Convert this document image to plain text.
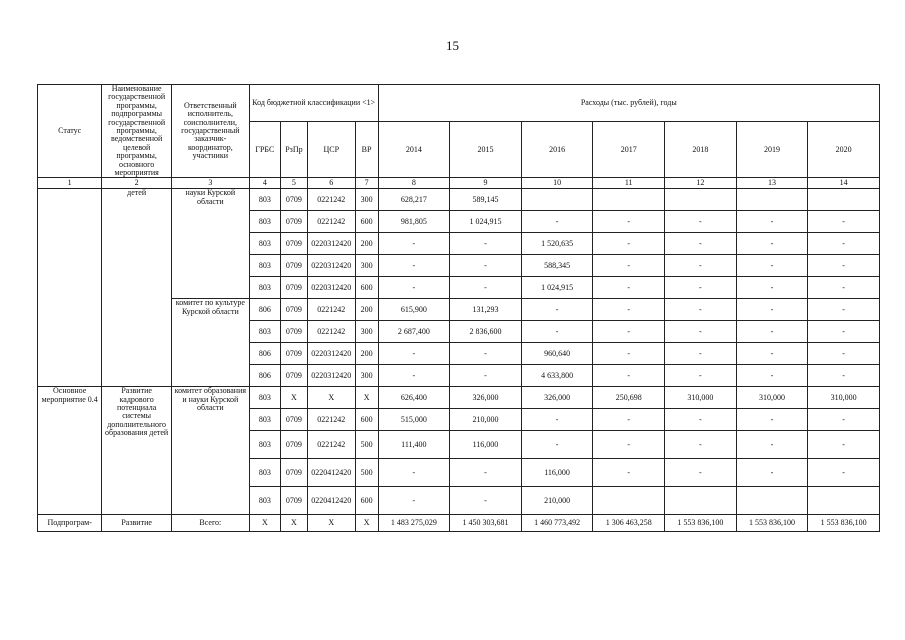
15
Статус	Наименование государственной программы, подпрограммы государственной программы, ведомственной целевой программы, основного мероприятия	Ответственный исполнитель, соисполнители, государственный заказчик-координатор, участники	Код бюджетной классификации <1>				Расходы (тыс. рублей), годы						
			ГРБС	РзПр	ЦСР	ВР	2014	2015	2016	2017	2018	2019	2020
1	2	3	4	5	6	7	8	9	10	11	12	13	14
	детей	науки Курской области	803	0709	0221242	300	628,217	589,145					
			803	0709	0221242	600	981,805	1 024,915	-	-	-	-	-
			803	0709	0220312420	200	-	-	1 520,635	-	-	-	-
			803	0709	0220312420	300	-	-	588,345	-	-	-	-
			803	0709	0220312420	600	-	-	1 024,915	-	-	-	-
		комитет по культуре Курской области	806	0709	0221242	200	615,900	131,293	-	-	-	-	-
			803	0709	0221242	300	2 687,400	2 836,600	-	-	-	-	-
			806	0709	0220312420	200	-	-	960,640	-	-	-	-
			806	0709	0220312420	300	-	-	4 633,800	-	-	-	-
Основное мероприятие 0.4	Развитие кадрового потенциала системы дополнительного образования детей	комитет образования и науки Курской области	803	X	X	X	626,400	326,000	326,000	250,698	310,000	310,000	310,000
			803	0709	0221242	600	515,000	210,000	-	-	-	-	-
			803	0709	0221242	500	111,400	116,000	-	-	-	-	-
			803	0709	0220412420	500	-	-	116,000	-	-	-	-
			803	0709	0220412420	600	-	-	210,000				
Подпрограм-	Развитие	Всего:	X	X	X	X	1 483 275,029	1 450 303,681	1 460 773,492	1 306 463,258	1 553 836,100	1 553 836,100	1 553 836,100
